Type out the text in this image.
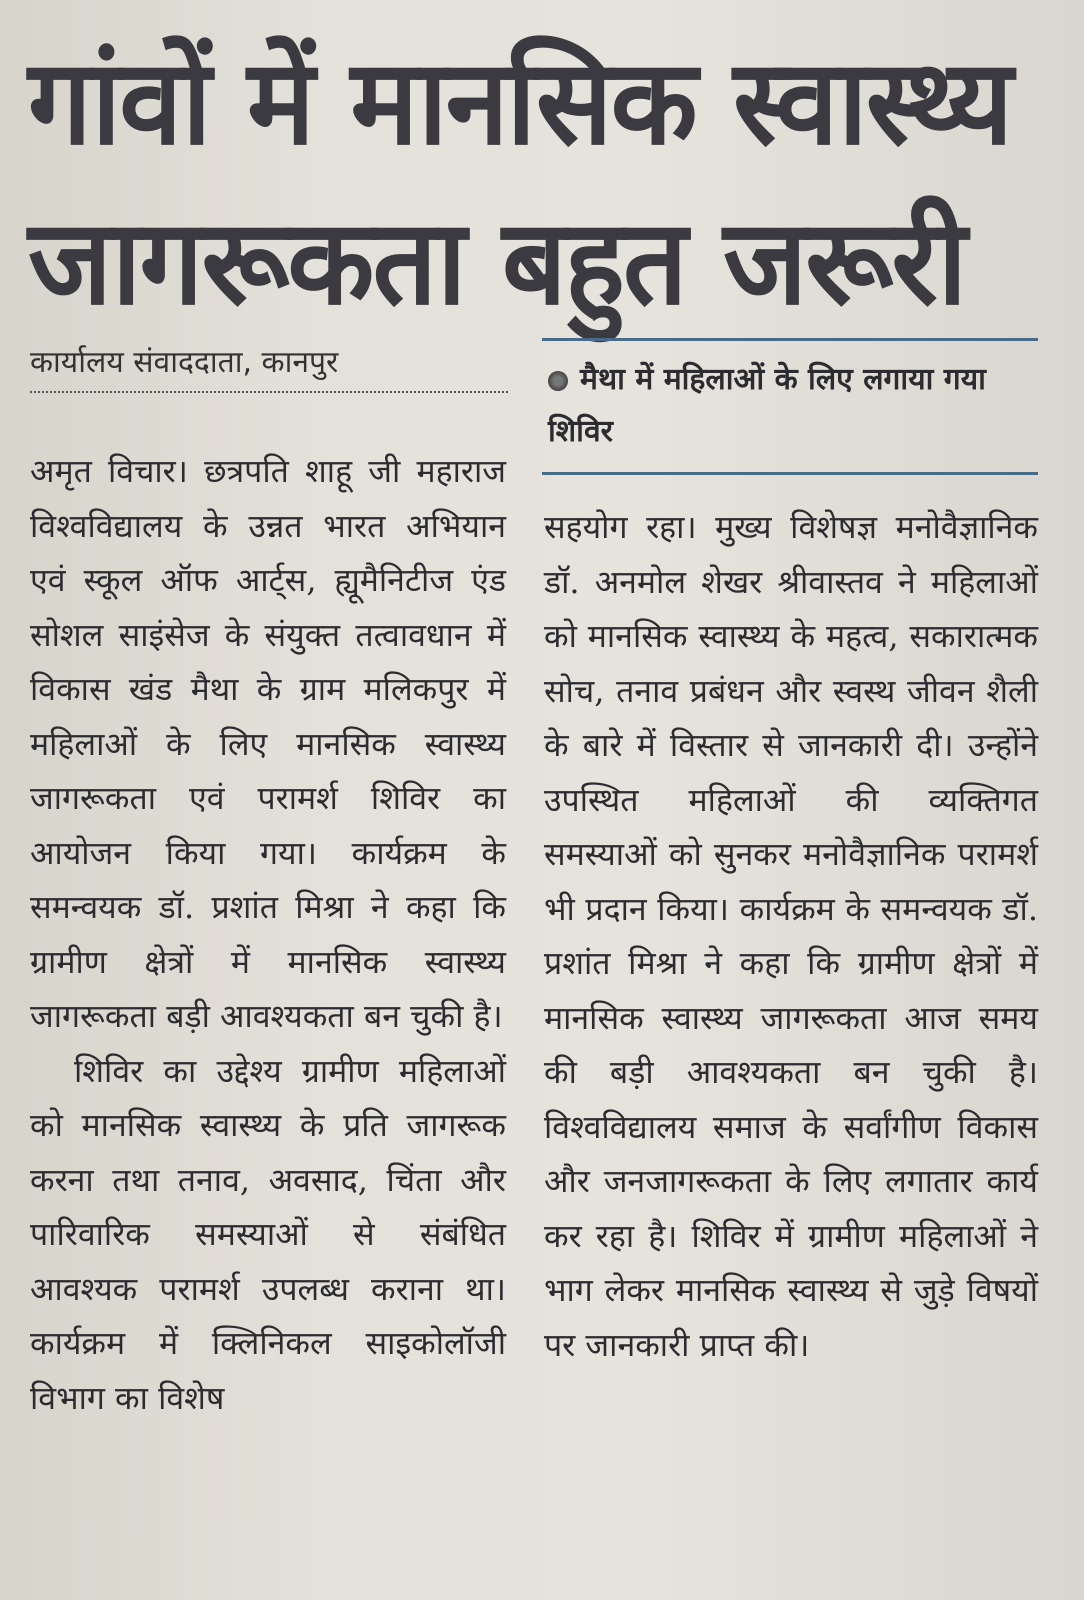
गांवों में मानसिक स्वास्थ्य
जागरूकता बहुत जरूरी
कार्यालय संवाददाता, कानपुर	मैथा में महिलाओं के लिए लगाया गया शिविर

अमृत विचार। छत्रपति शाहू जी महाराज विश्वविद्यालय के उन्नत भारत अभियान एवं स्कूल ऑफ आर्ट्स, ह्यूमैनिटीज एंड सोशल साइंसेज के संयुक्त तत्वावधान में विकास खंड मैथा के ग्राम मलिकपुर में महिलाओं के लिए मानसिक स्वास्थ्य जागरूकता एवं परामर्श शिविर का आयोजन किया गया। कार्यक्रम के समन्वयक डॉ. प्रशांत मिश्रा ने कहा कि ग्रामीण क्षेत्रों में मानसिक स्वास्थ्य जागरूकता बड़ी आवश्यकता बन चुकी है।

शिविर का उद्देश्य ग्रामीण महिलाओं को मानसिक स्वास्थ्य के प्रति जागरूक करना तथा तनाव, अवसाद, चिंता और पारिवारिक समस्याओं से संबंधित आवश्यक परामर्श उपलब्ध कराना था। कार्यक्रम में क्लिनिकल साइकोलॉजी विभाग का विशेष

सहयोग रहा। मुख्य विशेषज्ञ मनोवैज्ञानिक डॉ. अनमोल शेखर श्रीवास्तव ने महिलाओं को मानसिक स्वास्थ्य के महत्व, सकारात्मक सोच, तनाव प्रबंधन और स्वस्थ जीवन शैली के बारे में विस्तार से जानकारी दी। उन्होंने उपस्थित महिलाओं की व्यक्तिगत समस्याओं को सुनकर मनोवैज्ञानिक परामर्श भी प्रदान किया। कार्यक्रम के समन्वयक डॉ. प्रशांत मिश्रा ने कहा कि ग्रामीण क्षेत्रों में मानसिक स्वास्थ्य जागरूकता आज समय की बड़ी आवश्यकता बन चुकी है। विश्वविद्यालय समाज के सर्वांगीण विकास और जनजागरूकता के लिए लगातार कार्य कर रहा है। शिविर में ग्रामीण महिलाओं ने भाग लेकर मानसिक स्वास्थ्य से जुड़े विषयों पर जानकारी प्राप्त की।
